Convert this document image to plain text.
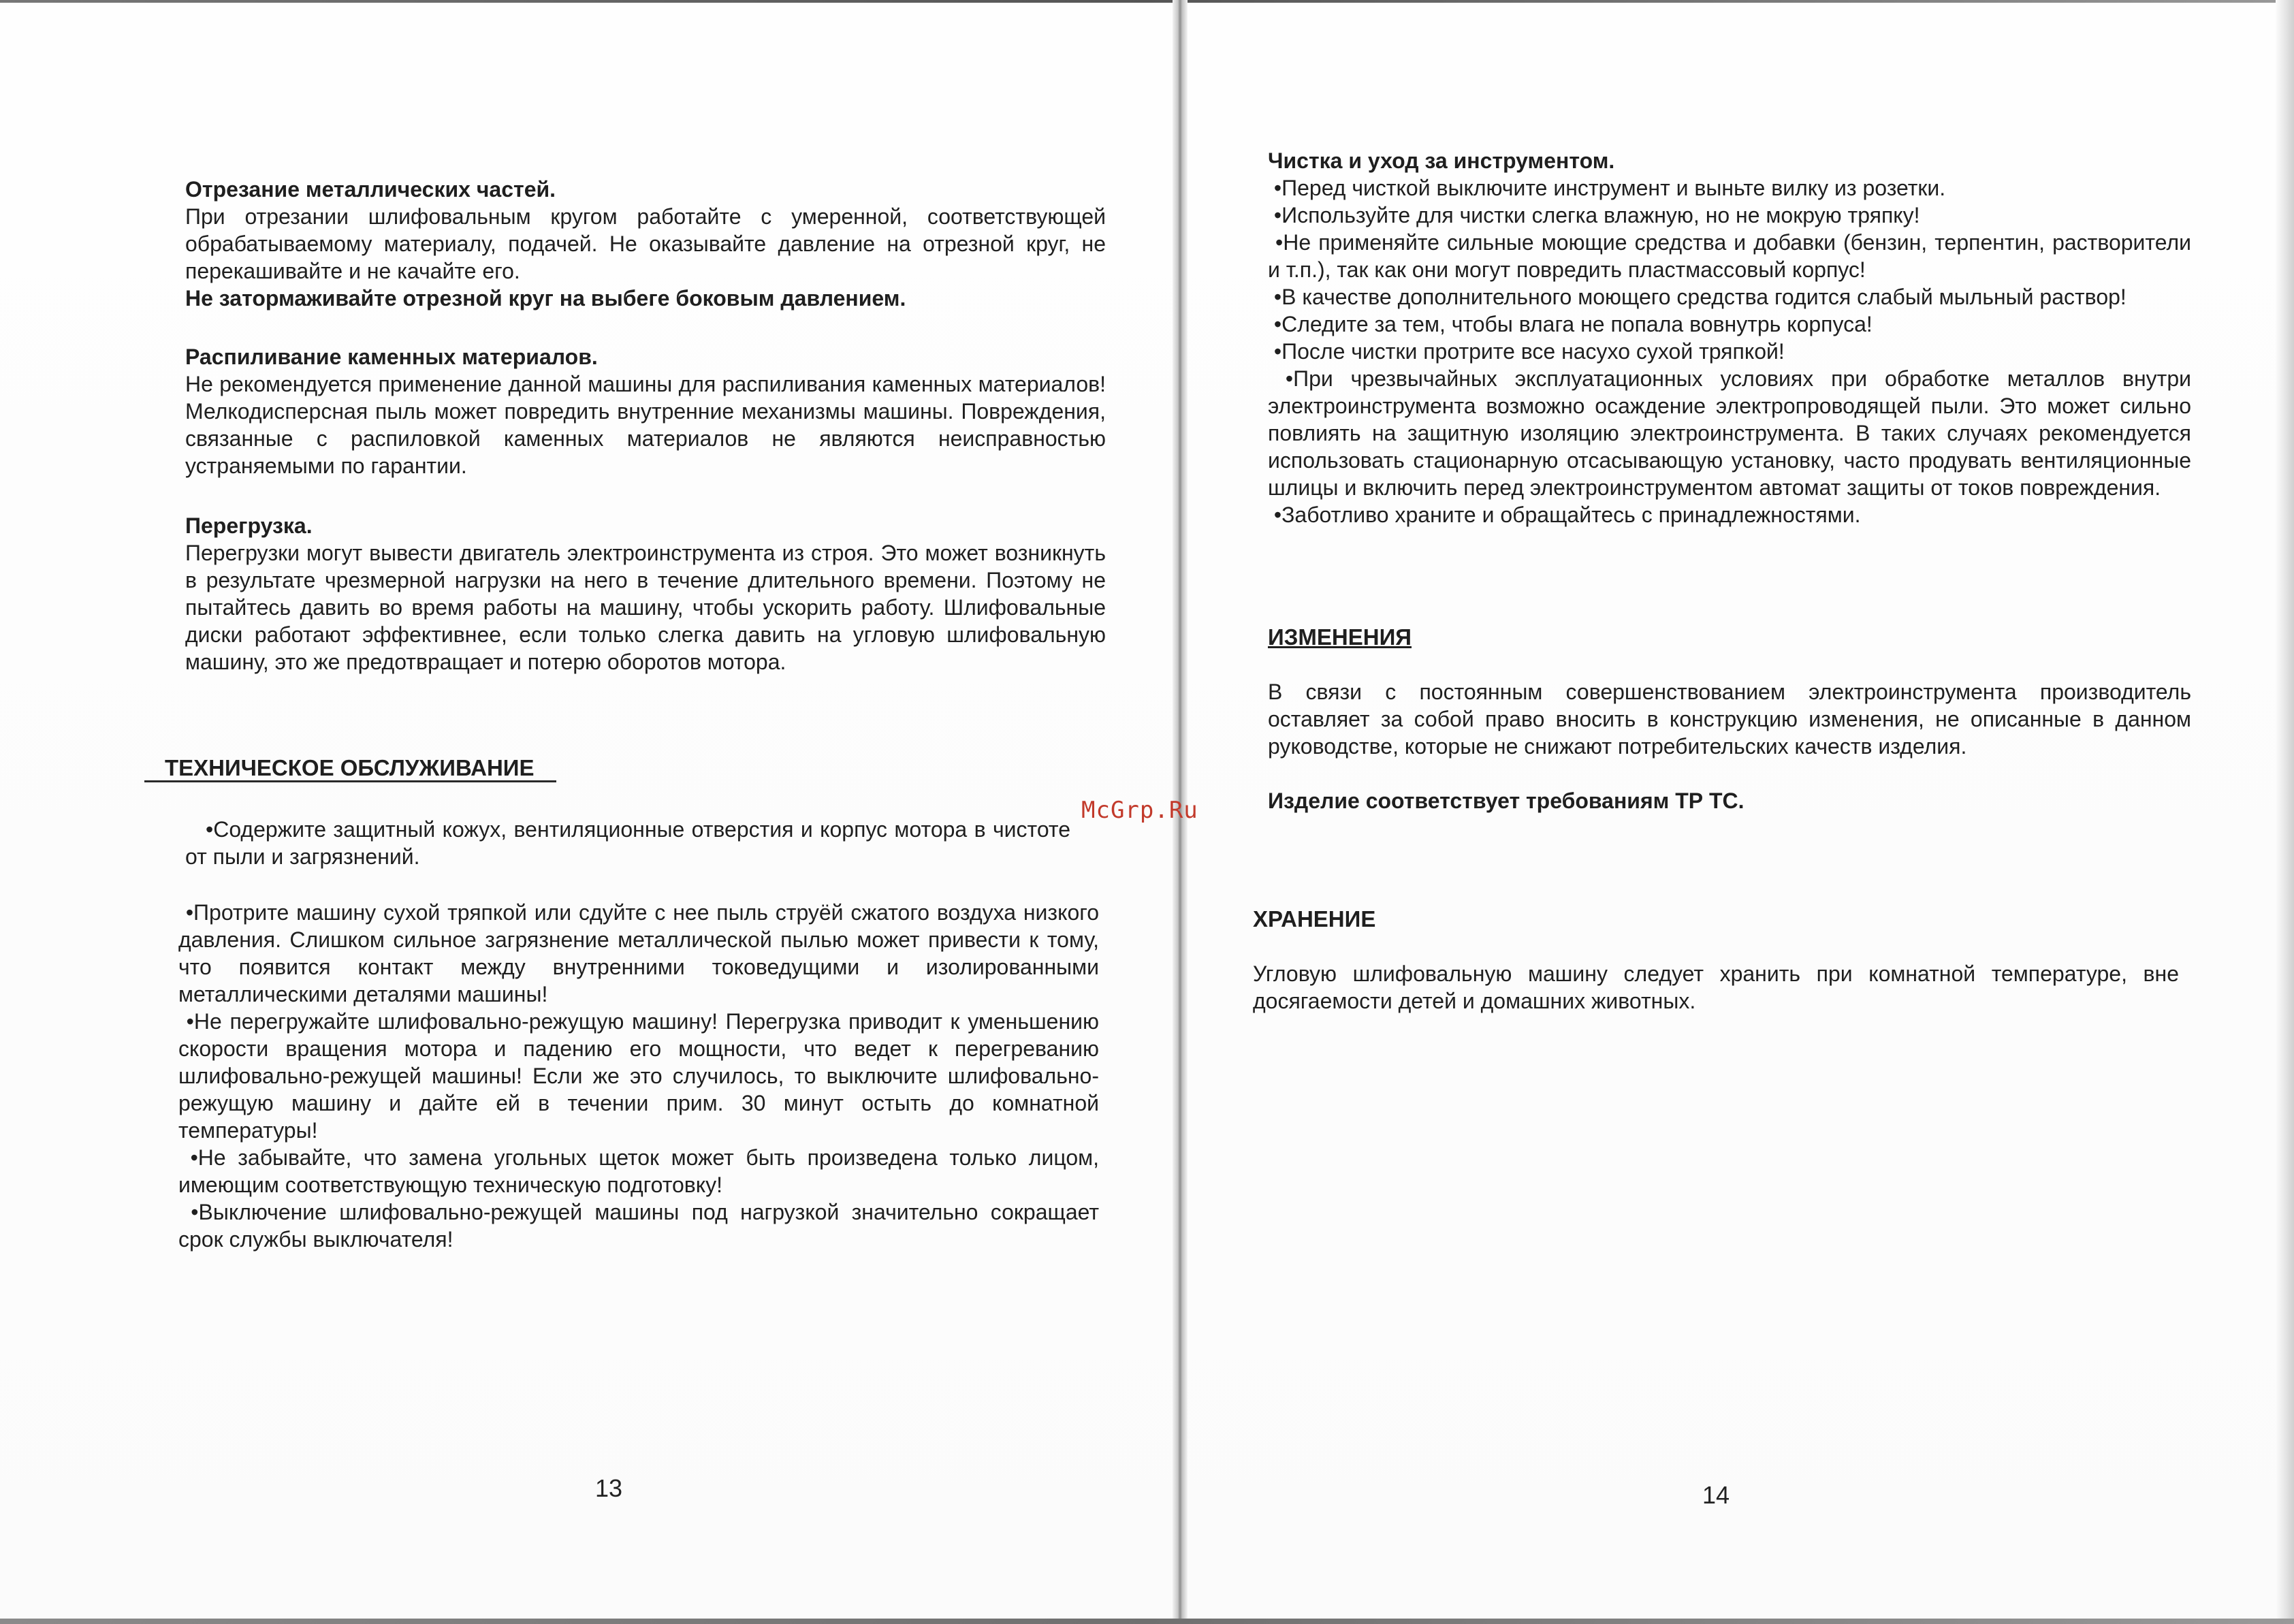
Отрезание металлических частей.

При отрезании шлифовальным кругом работайте с умеренной, соответствующей обрабатываемому материалу, подачей. Не оказывайте давление на отрезной круг, не перекашивайте и не качайте его.

Не затормаживайте отрезной круг на выбеге боковым давлением.
Распиливание каменных материалов.

Не рекомендуется применение данной машины для распиливания каменных материалов! Мелкодисперсная пыль может повредить внутренние механизмы машины. Повреждения, связанные с распиловкой каменных материалов не являются неисправностью устраняемыми по гарантии.

Перегрузка.

Перегрузки могут вывести двигатель электроинструмента из строя. Это может возникнуть в результате чрезмерной нагрузки на него в течение длительного времени. Поэтому не пытайтесь давить во время работы на машину, чтобы ускорить работу. Шлифовальные диски работают эффективнее, если только слегка давить на угловую шлифовальную машину, это же предотвращает и потерю оборотов мотора.

ТЕХНИЧЕСКОЕ ОБСЛУЖИВАНИЕ

•Содержите защитный кожух, вентиляционные отверстия и корпус мотора в чистоте от пыли и загрязнений.

•Протрите машину сухой тряпкой или сдуйте с нее пыль струёй сжатого воздуха низкого давления. Слишком сильное загрязнение металлической пылью может привести к тому, что появится контакт между внутренними токоведущими и изолированными металлическими деталями машины!

•Не перегружайте шлифовально-режущую машину! Перегрузка приводит к уменьшению скорости вращения мотора и падению его мощности, что ведет к перегреванию шлифовально-режущей машины! Если же это случилось, то выключите шлифовально-режущую машину и дайте ей в течении прим. 30 минут остыть до комнатной температуры!

•Не забывайте, что замена угольных щеток может быть произведена только лицом, имеющим соответствующую техническую подготовку!

•Выключение шлифовально-режущей машины под нагрузкой значительно сокращает срок службы выключателя!

13
McGrp.Ru
Чистка и уход за инструментом.

•Перед чисткой выключите инструмент и выньте вилку из розетки.

•Используйте для чистки слегка влажную, но не мокрую тряпку!

•Не применяйте сильные моющие средства и добавки (бензин, терпентин, растворители и т.п.), так как они могут повредить пластмассовый корпус!

•В качестве дополнительного моющего средства годится слабый мыльный раствор!

•Следите за тем, чтобы влага не попала вовнутрь корпуса!

•После чистки протрите все насухо сухой тряпкой!

•При чрезвычайных эксплуатационных условиях при обработке металлов внутри электроинструмента возможно осаждение электропроводящей пыли. Это может сильно повлиять на защитную изоляцию электроинструмента. В таких случаях рекомендуется использовать стационарную отсасывающую установку, часто продувать вентиляционные шлицы и включить перед электроинструментом автомат защиты от токов повреждения.

•Заботливо храните и обращайтесь с принадлежностями.

ИЗМЕНЕНИЯ

В связи с постоянным совершенствованием электроинструмента производитель оставляет за собой право вносить в конструкцию изменения, не описанные в данном руководстве, которые не снижают потребительских качеств изделия.

Изделие соответствует требованиям ТР ТС.
ХРАНЕНИЕ

Угловую шлифовальную машину следует хранить при комнатной температуре, вне досягаемости детей и домашних животных.

14
